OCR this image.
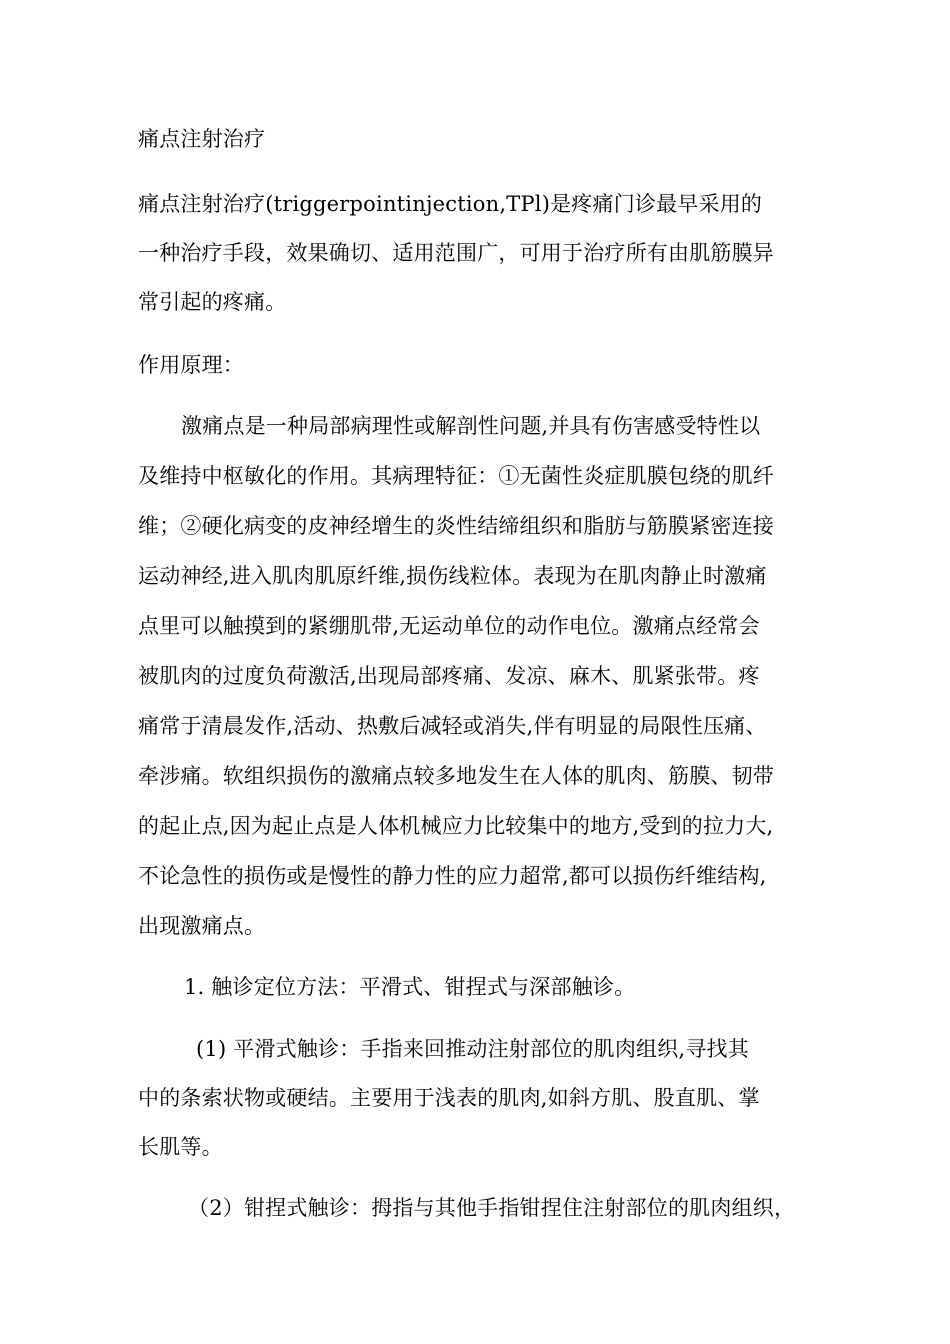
痛点注射治疗

痛点注射治疗(triggerpointinjection,TPl)是疼痛门诊最早采用的

一种治疗手段，效果确切、适用范围广，可用于治疗所有由肌筋膜异

常引起的疼痛。

作用原理：

激痛点是一种局部病理性或解剖性问题,并具有伤害感受特性以

及维持中枢敏化的作用。其病理特征：①无菌性炎症肌膜包绕的肌纤

维；②硬化病变的皮神经增生的炎性结缔组织和脂肪与筋膜紧密连接

运动神经,进入肌肉肌原纤维,损伤线粒体。表现为在肌肉静止时激痛

点里可以触摸到的紧绷肌带,无运动单位的动作电位。激痛点经常会

被肌肉的过度负荷激活,出现局部疼痛、发凉、麻木、肌紧张带。疼

痛常于清晨发作,活动、热敷后减轻或消失,伴有明显的局限性压痛、

牵涉痛。软组织损伤的激痛点较多地发生在人体的肌肉、筋膜、韧带

的起止点,因为起止点是人体机械应力比较集中的地方,受到的拉力大,

不论急性的损伤或是慢性的静力性的应力超常,都可以损伤纤维结构,

出现激痛点。

1. 触诊定位方法：平滑式、钳捏式与深部触诊。

(1) 平滑式触诊：手指来回推动注射部位的肌肉组织,寻找其

中的条索状物或硬结。主要用于浅表的肌肉,如斜方肌、股直肌、掌

长肌等。

（2）钳捏式触诊：拇指与其他手指钳捏住注射部位的肌肉组织，
